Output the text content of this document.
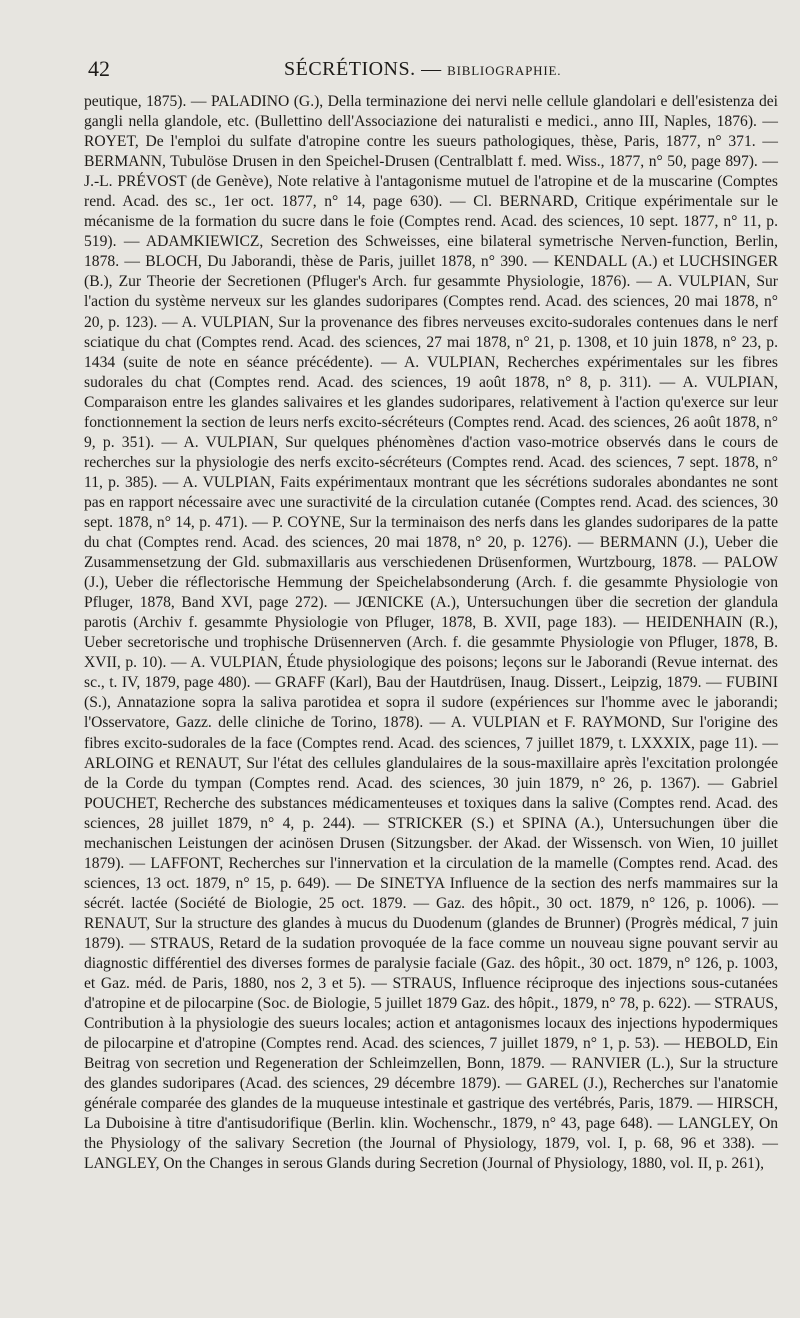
42	SÉCRÉTIONS. — BIBLIOGRAPHIE.

peutique, 1875). — PALADINO (G.), Della terminazione dei nervi nelle cellule glandolari e dell'esistenza dei gangli nella glandole, etc. (Bullettino dell'Associazione dei naturalisti e medici., anno III, Naples, 1876). — ROYET, De l'emploi du sulfate d'atropine contre les sueurs pathologiques, thèse, Paris, 1877, n° 371. — BERMANN, Tubulöse Drusen in den Speichel-Drusen (Centralblatt f. med. Wiss., 1877, n° 50, page 897). — J.-L. PRÉVOST (de Genève), Note relative à l'antagonisme mutuel de l'atropine et de la muscarine (Comptes rend. Acad. des sc., 1er oct. 1877, n° 14, page 630). — Cl. BERNARD, Critique expérimentale sur le mécanisme de la formation du sucre dans le foie (Comptes rend. Acad. des sciences, 10 sept. 1877, n° 11, p. 519). — ADAMKIEWICZ, Secretion des Schweisses, eine bilateral symetrische Nerven-function, Berlin, 1878. — BLOCH, Du Jaborandi, thèse de Paris, juillet 1878, n° 390. — KENDALL (A.) et LUCHSINGER (B.), Zur Theorie der Secretionen (Pfluger's Arch. fur gesammte Physiologie, 1876). — A. VULPIAN, Sur l'action du système nerveux sur les glandes sudoripares (Comptes rend. Acad. des sciences, 20 mai 1878, n° 20, p. 123). — A. VULPIAN, Sur la provenance des fibres nerveuses excito-sudorales contenues dans le nerf sciatique du chat (Comptes rend. Acad. des sciences, 27 mai 1878, n° 21, p. 1308, et 10 juin 1878, n° 23, p. 1434 (suite de note en séance précédente). — A. VULPIAN, Recherches expérimentales sur les fibres sudorales du chat (Comptes rend. Acad. des sciences, 19 août 1878, n° 8, p. 311). — A. VULPIAN, Comparaison entre les glandes salivaires et les glandes sudoripares, relativement à l'action qu'exerce sur leur fonctionnement la section de leurs nerfs excito-sécréteurs (Comptes rend. Acad. des sciences, 26 août 1878, n° 9, p. 351). — A. VULPIAN, Sur quelques phénomènes d'action vaso-motrice observés dans le cours de recherches sur la physiologie des nerfs excito-sécréteurs (Comptes rend. Acad. des sciences, 7 sept. 1878, n° 11, p. 385). — A. VULPIAN, Faits expérimentaux montrant que les sécrétions sudorales abondantes ne sont pas en rapport nécessaire avec une suractivité de la circulation cutanée (Comptes rend. Acad. des sciences, 30 sept. 1878, n° 14, p. 471). — P. COYNE, Sur la terminaison des nerfs dans les glandes sudoripares de la patte du chat (Comptes rend. Acad. des sciences, 20 mai 1878, n° 20, p. 1276). — BERMANN (J.), Ueber die Zusammensetzung der Gld. submaxillaris aus verschiedenen Drüsenformen, Wurtzbourg, 1878. — PALOW (J.), Ueber die réflectorische Hemmung der Speichelabsonderung (Arch. f. die gesammte Physiologie von Pfluger, 1878, Band XVI, page 272). — JŒNICKE (A.), Untersuchungen über die secretion der glandula parotis (Archiv f. gesammte Physiologie von Pfluger, 1878, B. XVII, page 183). — HEIDENHAIN (R.), Ueber secretorische und trophische Drüsennerven (Arch. f. die gesammte Physiologie von Pfluger, 1878, B. XVII, p. 10). — A. VULPIAN, Étude physiologique des poisons; leçons sur le Jaborandi (Revue internat. des sc., t. IV, 1879, page 480). — GRAFF (Karl), Bau der Hautdrüsen, Inaug. Dissert., Leipzig, 1879. — FUBINI (S.), Annatazione sopra la saliva parotidea et sopra il sudore (expériences sur l'homme avec le jaborandi; l'Osservatore, Gazz. delle cliniche de Torino, 1878). — A. VULPIAN et F. RAYMOND, Sur l'origine des fibres excito-sudorales de la face (Comptes rend. Acad. des sciences, 7 juillet 1879, t. LXXXIX, page 11). — ARLOING et RENAUT, Sur l'état des cellules glandulaires de la sous-maxillaire après l'excitation prolongée de la Corde du tympan (Comptes rend. Acad. des sciences, 30 juin 1879, n° 26, p. 1367). — Gabriel POUCHET, Recherche des substances médicamenteuses et toxiques dans la salive (Comptes rend. Acad. des sciences, 28 juillet 1879, n° 4, p. 244). — STRICKER (S.) et SPINA (A.), Untersuchungen über die mechanischen Leistungen der acinösen Drusen (Sitzungsber. der Akad. der Wissensch. von Wien, 10 juillet 1879). — LAFFONT, Recherches sur l'innervation et la circulation de la mamelle (Comptes rend. Acad. des sciences, 13 oct. 1879, n° 15, p. 649). — De SINETYA Influence de la section des nerfs mammaires sur la sécrét. lactée (Société de Biologie, 25 oct. 1879. — Gaz. des hôpit., 30 oct. 1879, n° 126, p. 1006). — RENAUT, Sur la structure des glandes à mucus du Duodenum (glandes de Brunner) (Progrès médical, 7 juin 1879). — STRAUS, Retard de la sudation provoquée de la face comme un nouveau signe pouvant servir au diagnostic différentiel des diverses formes de paralysie faciale (Gaz. des hôpit., 30 oct. 1879, n° 126, p. 1003, et Gaz. méd. de Paris, 1880, nos 2, 3 et 5). — STRAUS, Influence réciproque des injections sous-cutanées d'atropine et de pilocarpine (Soc. de Biologie, 5 juillet 1879 Gaz. des hôpit., 1879, n° 78, p. 622). — STRAUS, Contribution à la physiologie des sueurs locales; action et antagonismes locaux des injections hypodermiques de pilocarpine et d'atropine (Comptes rend. Acad. des sciences, 7 juillet 1879, n° 1, p. 53). — HEBOLD, Ein Beitrag von secretion und Regeneration der Schleimzellen, Bonn, 1879. — RANVIER (L.), Sur la structure des glandes sudoripares (Acad. des sciences, 29 décembre 1879). — GAREL (J.), Recherches sur l'anatomie générale comparée des glandes de la muqueuse intestinale et gastrique des vertébrés, Paris, 1879. — HIRSCH, La Duboisine à titre d'antisudorifique (Berlin. klin. Wochenschr., 1879, n° 43, page 648). — LANGLEY, On the Physiology of the salivary Secretion (the Journal of Physiology, 1879, vol. I, p. 68, 96 et 338). — LANGLEY, On the Changes in serous Glands during Secretion (Journal of Physiology, 1880, vol. II, p. 261),
